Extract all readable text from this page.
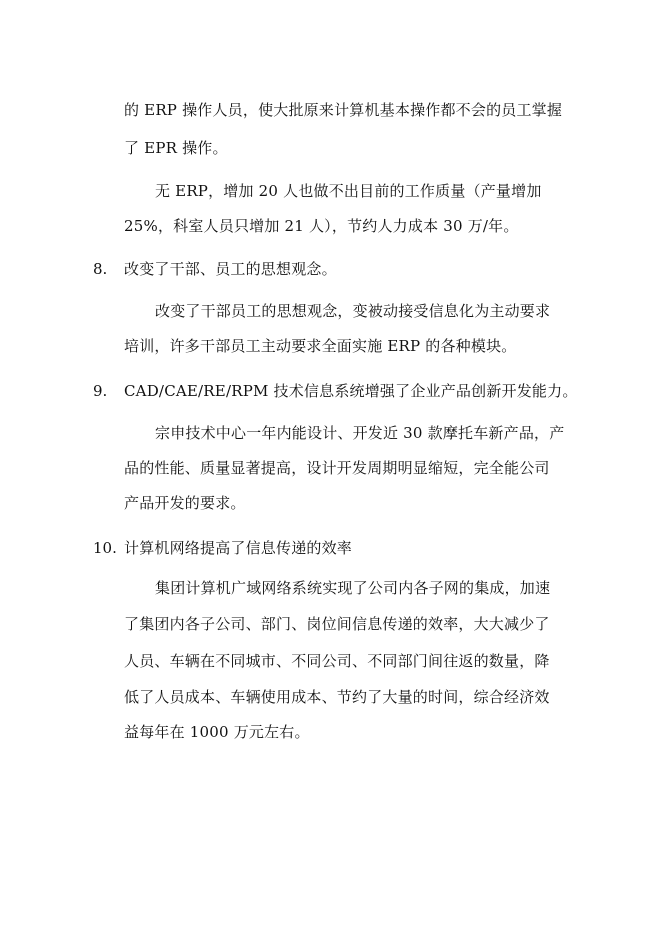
的 ERP 操作人员，使大批原来计算机基本操作都不会的员工掌握
了 EPR 操作。
无 ERP，增加 20 人也做不出目前的工作质量（产量增加
25%，科室人员只增加 21 人），节约人力成本 30 万/年。
8. 改变了干部、员工的思想观念。
改变了干部员工的思想观念，变被动接受信息化为主动要求
培训，许多干部员工主动要求全面实施 ERP 的各种模块。
9. CAD/CAE/RE/RPM 技术信息系统增强了企业产品创新开发能力。
宗申技术中心一年内能设计、开发近 30 款摩托车新产品，产
品的性能、质量显著提高，设计开发周期明显缩短，完全能公司
产品开发的要求。
10. 计算机网络提高了信息传递的效率
集团计算机广域网络系统实现了公司内各子网的集成，加速
了集团内各子公司、部门、岗位间信息传递的效率，大大减少了
人员、车辆在不同城市、不同公司、不同部门间往返的数量，降
低了人员成本、车辆使用成本、节约了大量的时间，综合经济效
益每年在 1000 万元左右。
